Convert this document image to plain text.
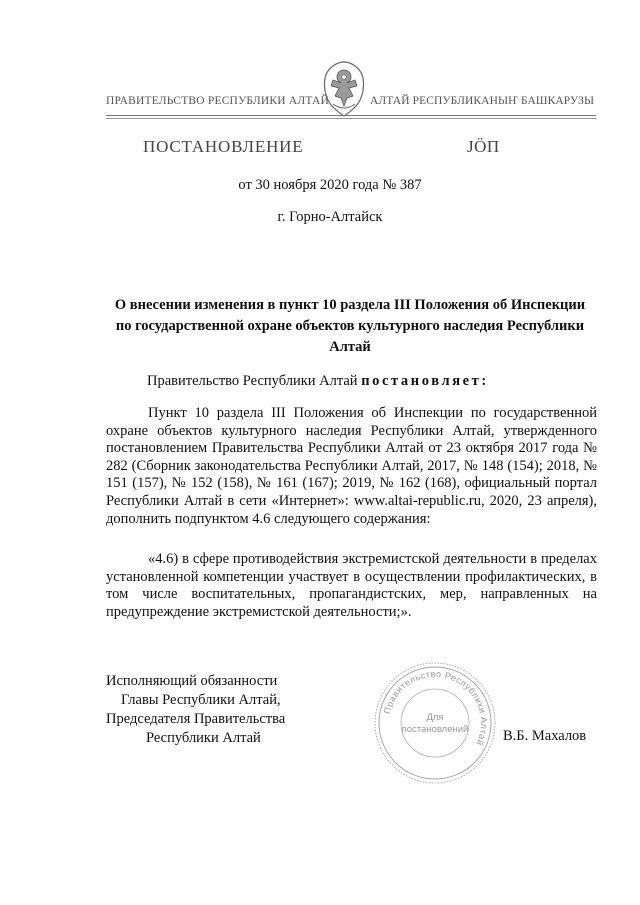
ПРАВИТЕЛЬСТВО РЕСПУБЛИКИ АЛТАЙ	АЛТАЙ РЕСПУБЛИКАНЫҤ БАШКАРУЗЫ
ПОСТАНОВЛЕНИЕ	ЈӦП
от 30 ноября 2020 года № 387
г. Горно-Алтайск
О внесении изменения в пункт 10 раздела III Положения об Инспекции по государственной охране объектов культурного наследия Республики Алтай
Правительство Республики Алтай постановляет:
Пункт 10 раздела III Положения об Инспекции по государственной охране объектов культурного наследия Республики Алтай, утвержденного постановлением Правительства Республики Алтай от 23 октября 2017 года № 282 (Сборник законодательства Республики Алтай, 2017, № 148 (154); 2018, № 151 (157), № 152 (158), № 161 (167); 2019, № 162 (168), официальный портал Республики Алтай в сети «Интернет»: www.altai-republic.ru, 2020, 23 апреля), дополнить подпунктом 4.6 следующего содержания:
«4.6) в сфере противодействия экстремистской деятельности в пределах установленной компетенции участвует в осуществлении профилактических, в том числе воспитательных, пропагандистских, мер, направленных на предупреждение экстремистской деятельности;».
Исполняющий обязанности
Главы Республики Алтай,
Председателя Правительства
Республики Алтай	В.Б. Махалов
Правительство Республики Алтай
Для
постановлений
